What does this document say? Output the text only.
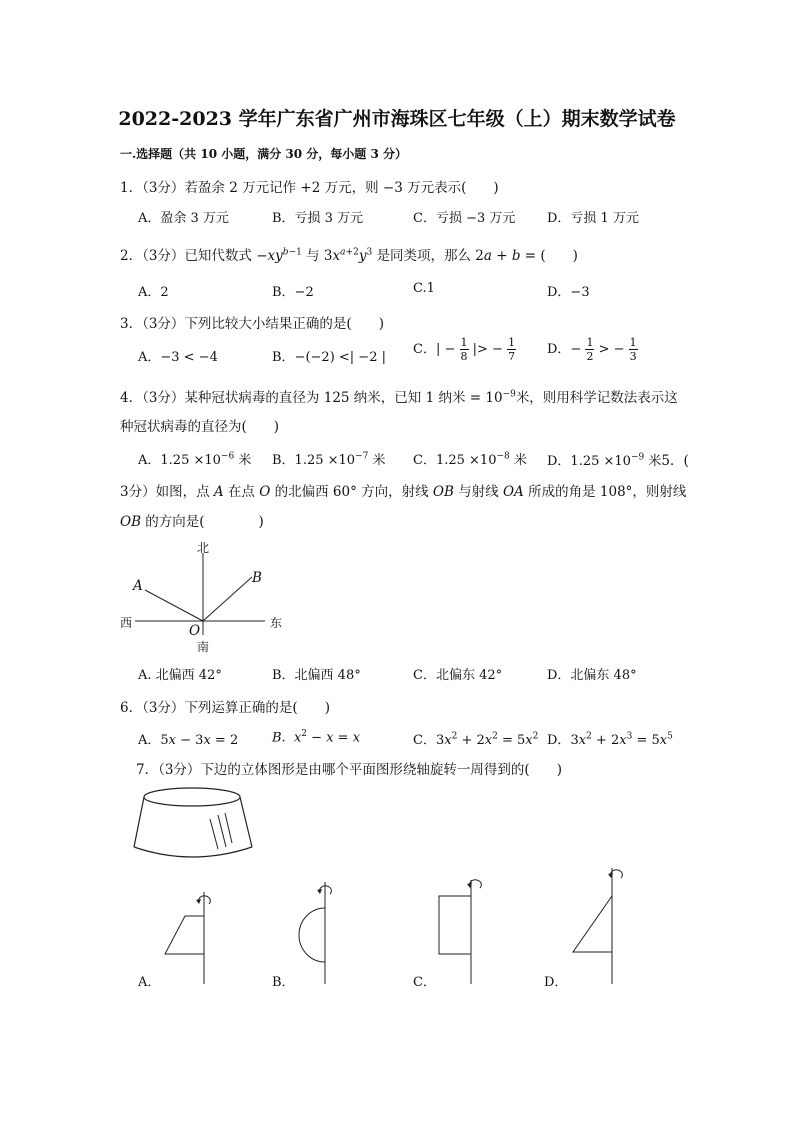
2022-2023 学年广东省广州市海珠区七年级（上）期末数学试卷
一.选择题（共 10 小题，满分 30 分，每小题 3 分）
1．（3分）若盈余 2 万元记作 +2 万元，则 −3 万元表示(　　)
A．盈余 3 万元	B．亏损 3 万元	C．亏损 −3 万元 D．亏损 1 万元
2．（3分）已知代数式 $-xy^{b-1}$ 与 $3x^{a+2}y^3$ 是同类项，那么 2a + b = (　　)
A．2	B．−2	C.1	D．−3
3．（3分）下列比较大小结果正确的是(　　)
A．−3 < −4	B．−(−2) <| −2 |
C．| − $\frac{1}{8}$ |> − $\frac{1}{7}$ D．− $\frac{1}{2}$ > − $\frac{1}{3}$
4．（3分）某种冠状病毒的直径为 125 纳米，已知 1 纳米 = $10^{-9}$米，则用科学记数法表示这
种冠状病毒的直径为(　　)
A．$1.25 \times 10^{-6}$ 米 B．$1.25 \times 10^{-7}$ 米 C．$1.25 \times 10^{-8}$ 米 D．$1.25 \times 10^{-9}$ 米5．(
3分）如图，点 A 在点 O 的北偏西 60° 方向，射线 OB 与射线 OA 所成的角是 108°，则射线
OB 的方向是(　　　　)
北
南
西	东
A	B
O
A. 北偏西 42°	B．北偏西 48°	C．北偏东 42°	D．北偏东 48°
6．（3分）下列运算正确的是(　　)
A．5x − 3x = 2	B. $x^2 - x = x$	C．$3x^2 + 2x^2 = 5x^2$ D．$3x^2 + 2x^3 = 5x^5$
7．（3分）下边的立体图形是由哪个平面图形绕轴旋转一周得到的(　　)
A．	B．	C．	D．
